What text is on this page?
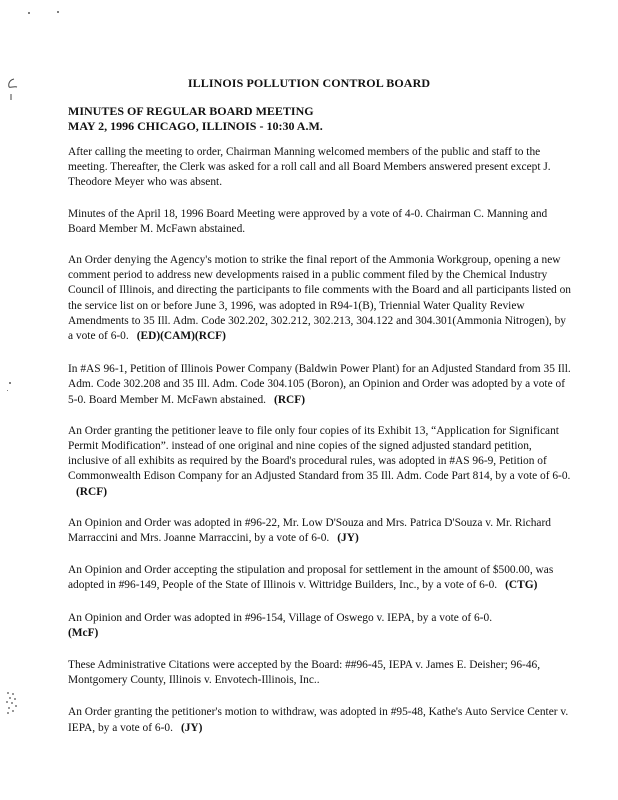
ILLINOIS POLLUTION CONTROL BOARD
MINUTES OF REGULAR BOARD MEETING
MAY 2, 1996 CHICAGO, ILLINOIS - 10:30 A.M.

After calling the meeting to order, Chairman Manning welcomed members of the public and staff to the meeting. Thereafter, the Clerk was asked for a roll call and all Board Members answered present except J. Theodore Meyer who was absent.

Minutes of the April 18, 1996 Board Meeting were approved by a vote of 4-0. Chairman C. Manning and Board Member M. McFawn abstained.

An Order denying the Agency's motion to strike the final report of the Ammonia Workgroup, opening a new comment period to address new developments raised in a public comment filed by the Chemical Industry Council of Illinois, and directing the participants to file comments with the Board and all participants listed on the service list on or before June 3, 1996, was adopted in R94-1(B), Triennial Water Quality Review Amendments to 35 Ill. Adm. Code 302.202, 302.212, 302.213, 304.122 and 304.301(Ammonia Nitrogen), by a vote of 6-0. (ED)(CAM)(RCF)

In #AS 96-1, Petition of Illinois Power Company (Baldwin Power Plant) for an Adjusted Standard from 35 Ill. Adm. Code 302.208 and 35 Ill. Adm. Code 304.105 (Boron), an Opinion and Order was adopted by a vote of 5-0. Board Member M. McFawn abstained. (RCF)

An Order granting the petitioner leave to file only four copies of its Exhibit 13, “Application for Significant Permit Modification”. instead of one original and nine copies of the signed adjusted standard petition, inclusive of all exhibits as required by the Board's procedural rules, was adopted in #AS 96-9, Petition of Commonwealth Edison Company for an Adjusted Standard from 35 Ill. Adm. Code Part 814, by a vote of 6-0.(RCF)

An Opinion and Order was adopted in #96-22, Mr. Low D'Souza and Mrs. Patrica D'Souza v. Mr. Richard Marraccini and Mrs. Joanne Marraccini, by a vote of 6-0. (JY)

An Opinion and Order accepting the stipulation and proposal for settlement in the amount of $500.00, was adopted in #96-149, People of the State of Illinois v. Wittridge Builders, Inc., by a vote of 6-0. (CTG)

An Opinion and Order was adopted in #96-154, Village of Oswego v. IEPA, by a vote of 6-0.
(McF)

These Administrative Citations were accepted by the Board: ##96-45, IEPA v. James E. Deisher; 96-46, Montgomery County, Illinois v. Envotech-Illinois, Inc..

An Order granting the petitioner's motion to withdraw, was adopted in #95-48, Kathe's Auto Service Center v. IEPA, by a vote of 6-0. (JY)
